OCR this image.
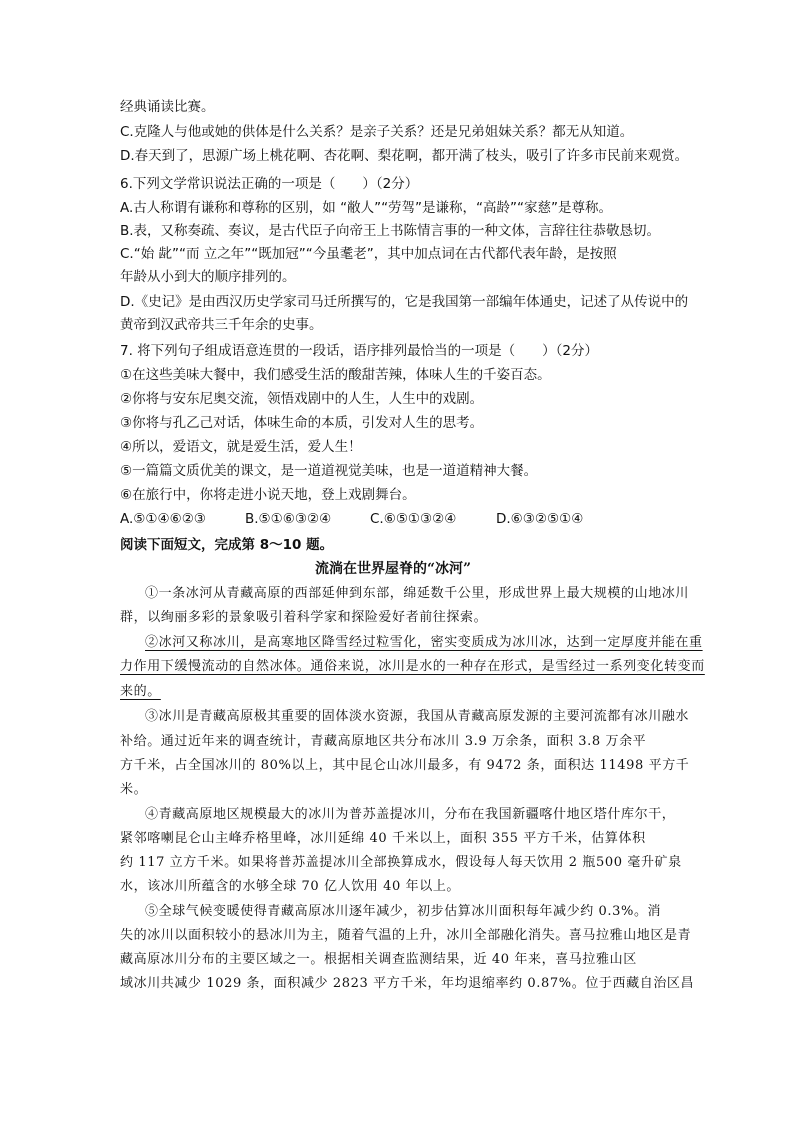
经典诵读比赛。
C.克隆人与他或她的供体是什么关系？是亲子关系？还是兄弟姐妹关系？都无从知道。
D.春天到了，思源广场上桃花啊、杏花啊、梨花啊，都开满了枝头，吸引了许多市民前来观赏。
6.下列文学常识说法正确的一项是（　　）（2分）
A.古人称谓有谦称和尊称的区别，如 “敝人”“劳驾”是谦称，“高龄”“家慈”是尊称。
B.表，又称奏疏、奏议，是古代臣子向帝王上书陈情言事的一种文体，言辞往往恭敬恳切。
C.“始 龀”“而 立之年”“既加冠”“今虽耄老”，其中加点词在古代都代表年龄，是按照
年龄从小到大的顺序排列的。
D.《史记》是由西汉历史学家司马迁所撰写的，它是我国第一部编年体通史，记述了从传说中的
黄帝到汉武帝共三千年余的史事。
7. 将下列句子组成语意连贯的一段话，语序排列最恰当的一项是（　　）（2分）
①在这些美味大餐中，我们感受生活的酸甜苦辣，体味人生的千姿百态。
②你将与安东尼奥交流，领悟戏剧中的人生，人生中的戏剧。
③你将与孔乙己对话，体味生命的本质，引发对人生的思考。
④所以，爱语文，就是爱生活，爱人生！
⑤一篇篇文质优美的课文，是一道道视觉美味，也是一道道精神大餐。
⑥在旅行中，你将走进小说天地，登上戏剧舞台。
A.⑤①④⑥②③	B.⑤①⑥③②④	C.⑥⑤①③②④	D.⑥③②⑤①④
阅读下面短文，完成第 8～10 题。
流淌在世界屋脊的“冰河”
①一条冰河从青藏高原的西部延伸到东部，绵延数千公里，形成世界上最大规模的山地冰川
群，以绚丽多彩的景象吸引着科学家和探险爱好者前往探索。
②冰河又称冰川，是高寒地区降雪经过粒雪化，密实变质成为冰川冰，达到一定厚度并能在重
力作用下缓慢流动的自然冰体。通俗来说，冰川是水的一种存在形式，是雪经过一系列变化转变而
来的。
③冰川是青藏高原极其重要的固体淡水资源，我国从青藏高原发源的主要河流都有冰川融水
补给。通过近年来的调查统计，青藏高原地区共分布冰川 3.9 万余条，面积 3.8 万余平
方千米，占全国冰川的 80%以上，其中昆仑山冰川最多，有 9472 条，面积达 11498 平方千
米。
④青藏高原地区规模最大的冰川为普苏盖提冰川，分布在我国新疆喀什地区塔什库尔干，
紧邻喀喇昆仑山主峰乔格里峰，冰川延绵 40 千米以上，面积 355 平方千米，估算体积
约 117 立方千米。如果将普苏盖提冰川全部换算成水，假设每人每天饮用 2 瓶500 毫升矿泉
水，该冰川所蕴含的水够全球 70 亿人饮用 40 年以上。
⑤全球气候变暖使得青藏高原冰川逐年减少，初步估算冰川面积每年减少约 0.3%。消
失的冰川以面积较小的悬冰川为主，随着气温的上升，冰川全部融化消失。喜马拉雅山地区是青
藏高原冰川分布的主要区域之一。根据相关调查监测结果，近 40 年来，喜马拉雅山区
域冰川共减少 1029 条，面积减少 2823 平方千米，年均退缩率约 0.87%。位于西藏自治区昌
